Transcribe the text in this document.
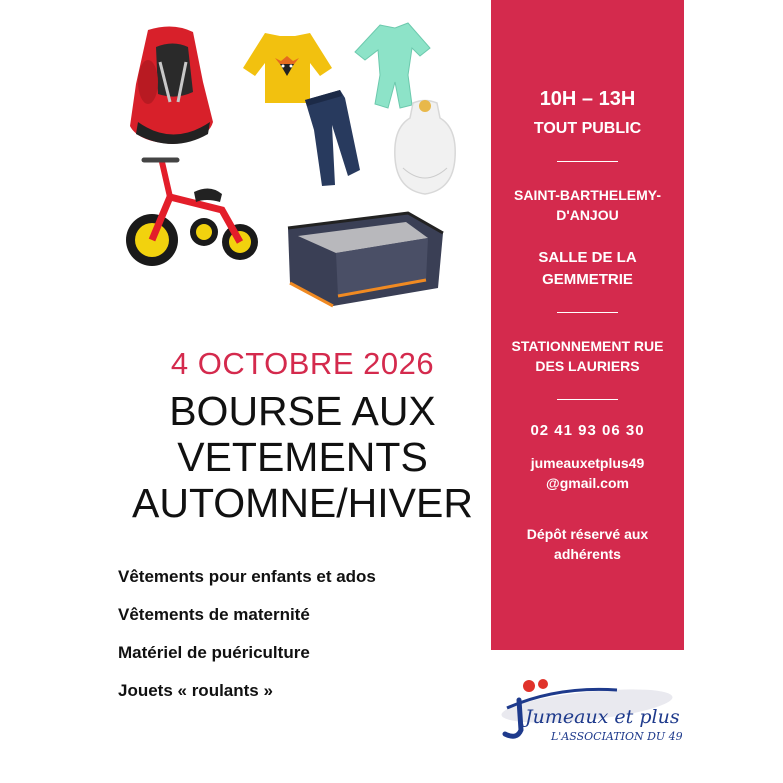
4 OCTOBRE 2026
BOURSE AUX
VETEMENTS
AUTOMNE/HIVER
Vêtements pour enfants et ados
Vêtements de maternité
Matériel de puériculture
Jouets « roulants »
10H – 13H
TOUT PUBLIC
SAINT-BARTHELEMY-
D'ANJOU
SALLE DE LA
GEMMETRIE
STATIONNEMENT RUE
DES LAURIERS
02 41 93 06 30
jumeauxetplus49
@gmail.com
Dépôt réservé aux
adhérents
Jumeaux et plus
L'ASSOCIATION DU 49
